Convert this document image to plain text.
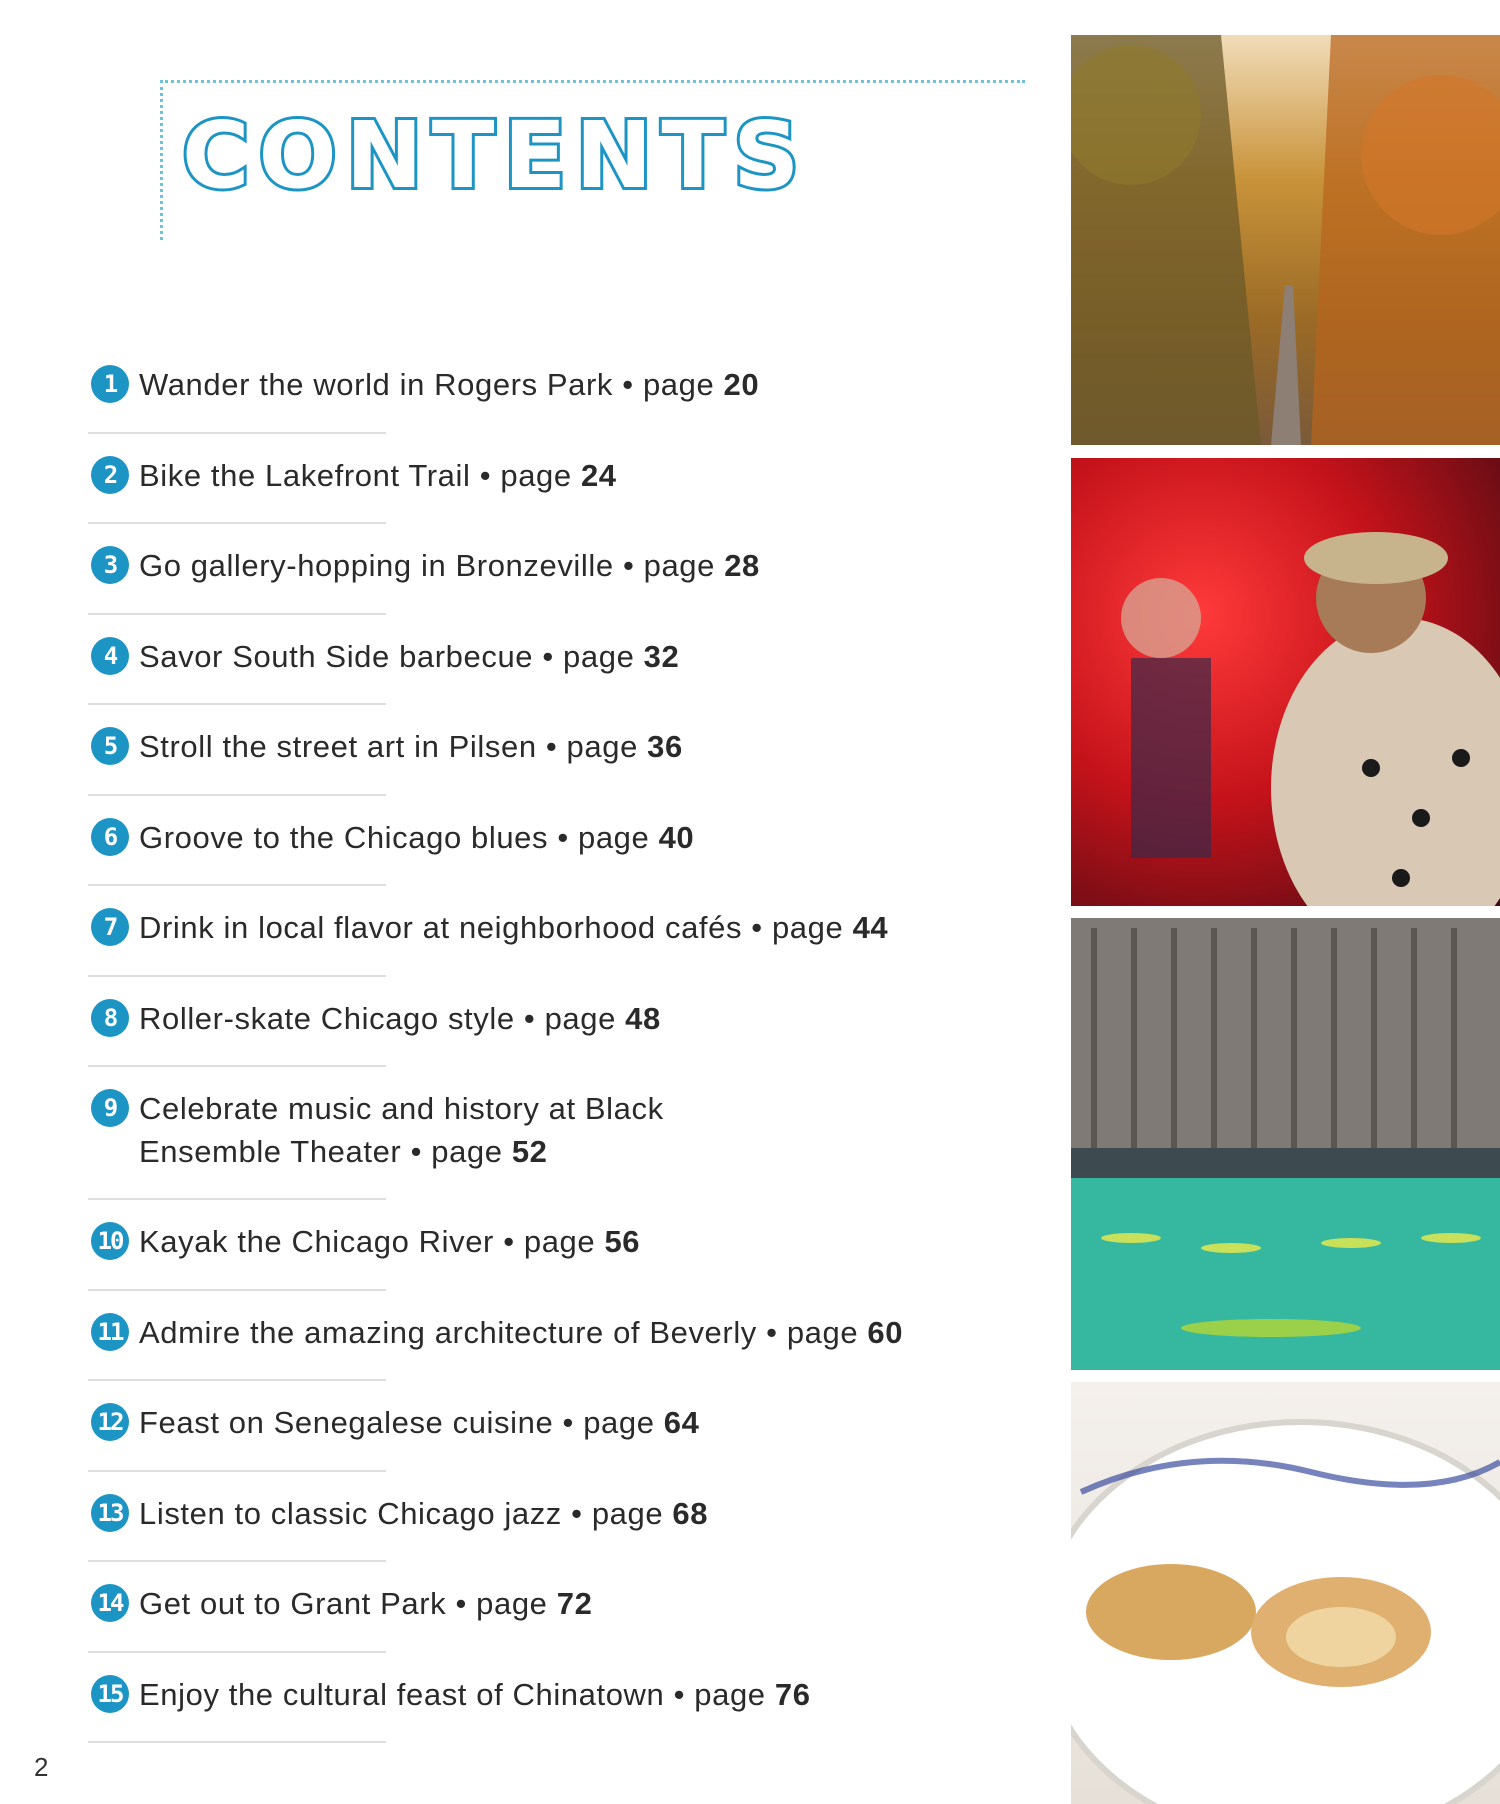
CONTENTS
1 Wander the world in Rogers Park • page 20
2 Bike the Lakefront Trail • page 24
3 Go gallery-hopping in Bronzeville • page 28
4 Savor South Side barbecue • page 32
5 Stroll the street art in Pilsen • page 36
6 Groove to the Chicago blues • page 40
7 Drink in local flavor at neighborhood cafés • page 44
8 Roller-skate Chicago style • page 48
9 Celebrate music and history at Black Ensemble Theater • page 52
10 Kayak the Chicago River • page 56
11 Admire the amazing architecture of Beverly • page 60
12 Feast on Senegalese cuisine • page 64
13 Listen to classic Chicago jazz • page 68
14 Get out to Grant Park • page 72
15 Enjoy the cultural feast of Chinatown • page 76
2
